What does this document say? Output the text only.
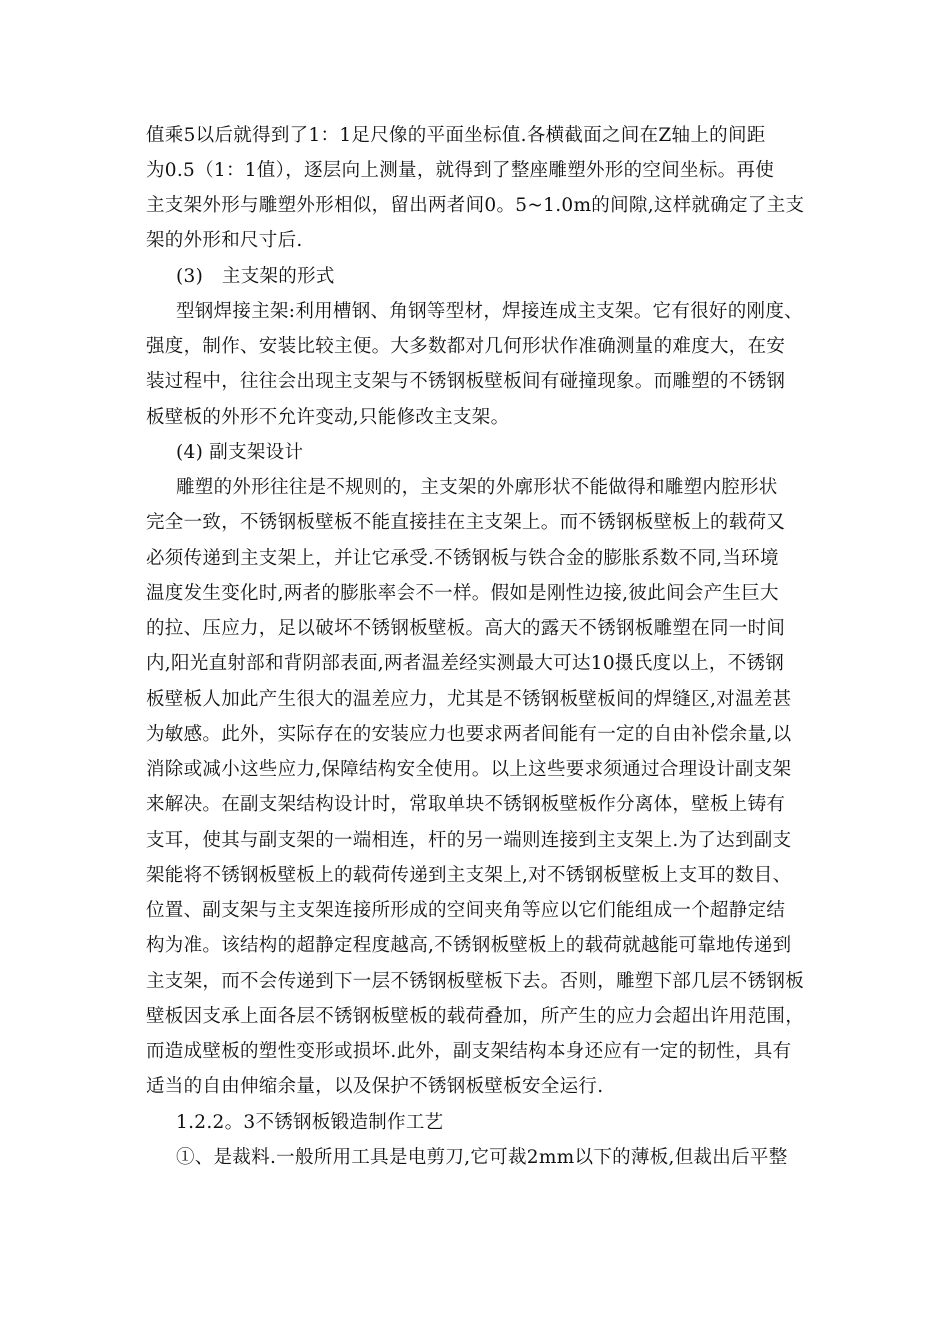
值乘5以后就得到了1：1足尺像的平面坐标值.各横截面之间在Z轴上的间距
为0.5（1：1值），逐层向上测量，就得到了整座雕塑外形的空间坐标。再使
主支架外形与雕塑外形相似，留出两者间0。5~1.0m的间隙,这样就确定了主支
架的外形和尺寸后.
(3)　主支架的形式
型钢焊接主架:利用槽钢、角钢等型材，焊接连成主支架。它有很好的刚度、
强度，制作、安装比较主便。大多数都对几何形状作准确测量的难度大，在安
装过程中，往往会出现主支架与不锈钢板壁板间有碰撞现象。而雕塑的不锈钢
板壁板的外形不允许变动,只能修改主支架。
(4) 副支架设计
雕塑的外形往往是不规则的，主支架的外廓形状不能做得和雕塑内腔形状
完全一致，不锈钢板壁板不能直接挂在主支架上。而不锈钢板壁板上的载荷又
必须传递到主支架上，并让它承受.不锈钢板与铁合金的膨胀系数不同,当环境
温度发生变化时,两者的膨胀率会不一样。假如是刚性边接,彼此间会产生巨大
的拉、压应力，足以破坏不锈钢板壁板。高大的露天不锈钢板雕塑在同一时间
内,阳光直射部和背阴部表面,两者温差经实测最大可达10摄氏度以上，不锈钢
板壁板人加此产生很大的温差应力，尤其是不锈钢板壁板间的焊缝区,对温差甚
为敏感。此外，实际存在的安装应力也要求两者间能有一定的自由补偿余量,以
消除或减小这些应力,保障结构安全使用。以上这些要求须通过合理设计副支架
来解决。在副支架结构设计时，常取单块不锈钢板壁板作分离体，壁板上铸有
支耳，使其与副支架的一端相连，杆的另一端则连接到主支架上.为了达到副支
架能将不锈钢板壁板上的载荷传递到主支架上,对不锈钢板壁板上支耳的数目、
位置、副支架与主支架连接所形成的空间夹角等应以它们能组成一个超静定结
构为准。该结构的超静定程度越高,不锈钢板壁板上的载荷就越能可靠地传递到
主支架，而不会传递到下一层不锈钢板壁板下去。否则，雕塑下部几层不锈钢板
壁板因支承上面各层不锈钢板壁板的载荷叠加，所产生的应力会超出许用范围，
而造成壁板的塑性变形或损坏.此外，副支架结构本身还应有一定的韧性，具有
适当的自由伸缩余量，以及保护不锈钢板壁板安全运行.
1.2.2。3不锈钢板锻造制作工艺
①、是裁料.一般所用工具是电剪刀,它可裁2mm以下的薄板,但裁出后平整
